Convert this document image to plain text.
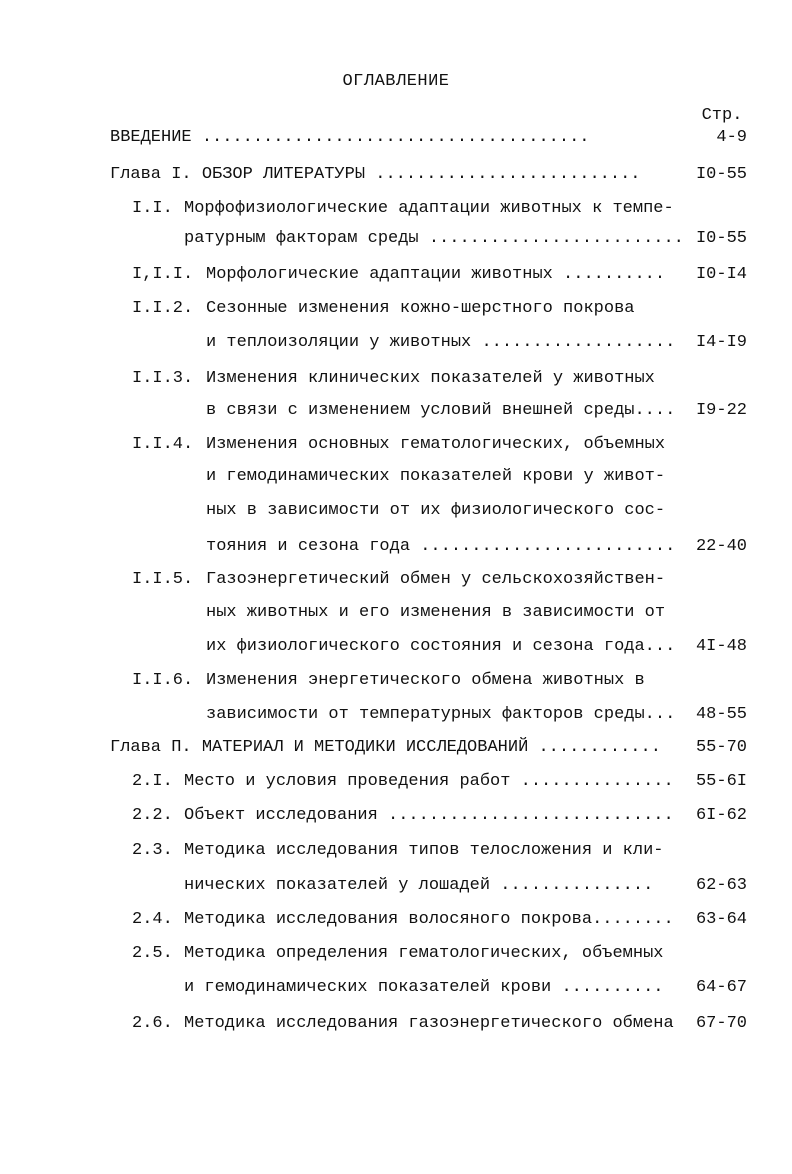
ОГЛАВЛЕНИЕ
Стр.
ВВЕДЕНИЕ ......................................	4-9
Глава I. ОБЗОР ЛИТЕРАТУРЫ ..........................	I0-55
I.I. Морфофизиологические адаптации животных к темпе-
ратурным факторам среды ......................... I0-55
I,I.I. Морфологические адаптации животных .......... I0-I4
I.I.2. Сезонные изменения кожно-шерстного покрова
и теплоизоляции у животных ................... I4-I9
I.I.3. Изменения клинических показателей у животных
в связи с изменением условий внешней среды.... I9-22
I.I.4. Изменения основных гематологических, объемных
и гемодинамических показателей крови у живот-
ных в зависимости от их физиологического сос-
тояния и сезона года ......................... 22-40
I.I.5. Газоэнергетический обмен у сельскохозяйствен-
ных животных и его изменения в зависимости от
их физиологического состояния и сезона года... 4I-48
I.I.6. Изменения энергетического обмена животных в
зависимости от температурных факторов среды... 48-55
Глава П. МАТЕРИАЛ И МЕТОДИКИ ИССЛЕДОВАНИЙ ............ 55-70
2.I. Место и условия проведения работ ............... 55-6I
2.2. Объект исследования ............................ 6I-62
2.3. Методика исследования типов телосложения и кли-
нических показателей у лошадей ...............	62-63
2.4. Методика исследования волосяного покрова........ 63-64
2.5. Методика определения гематологических, объемных
и гемодинамических показателей крови .......... 64-67
2.6. Методика исследования газоэнергетического обмена 67-70
